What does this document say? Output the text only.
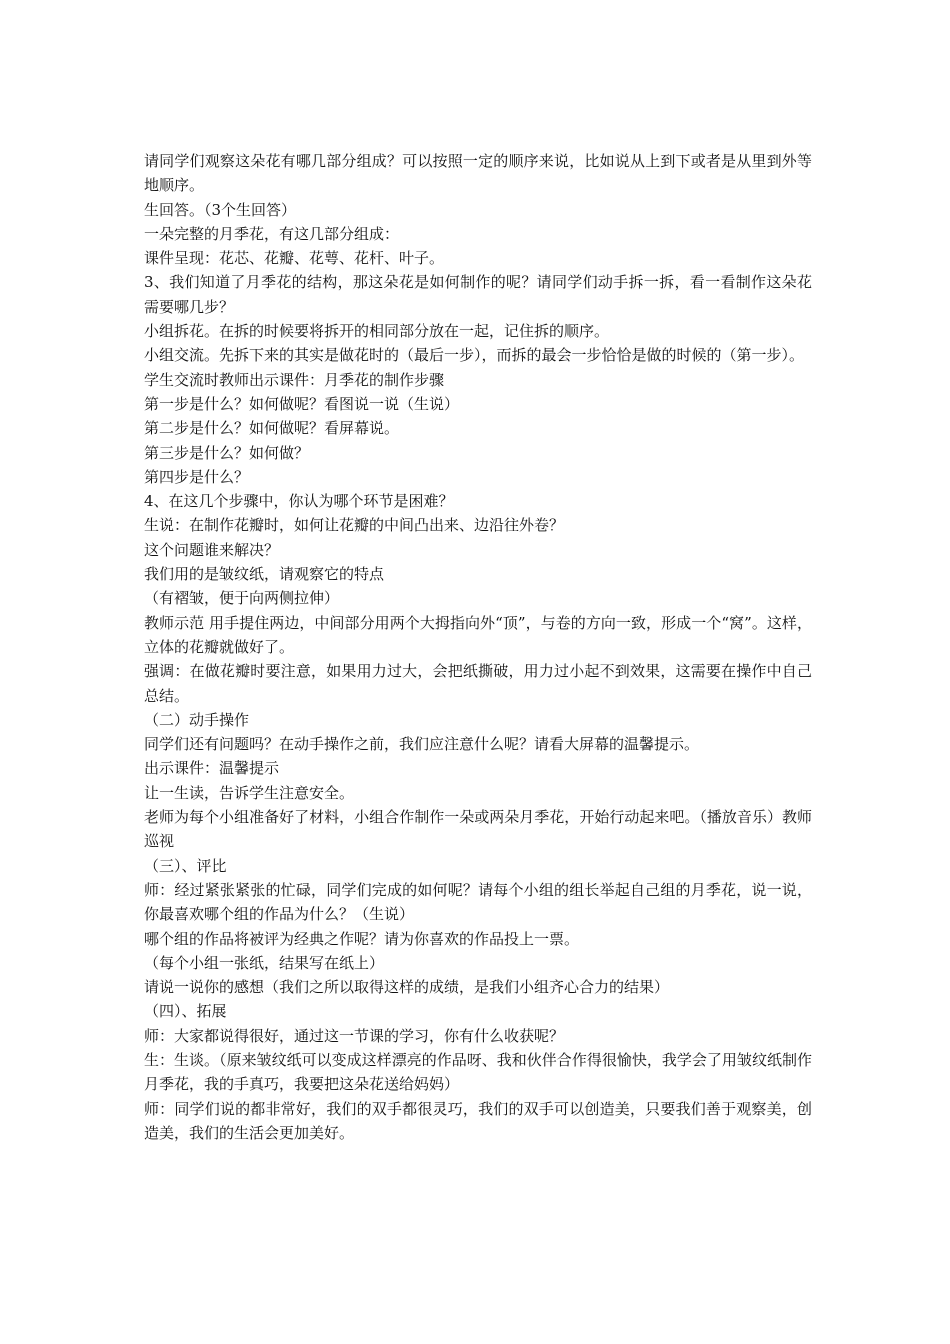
请同学们观察这朵花有哪几部分组成？可以按照一定的顺序来说，比如说从上到下或者是从里到外等地顺序。

生回答。（3个生回答）

一朵完整的月季花，有这几部分组成：

课件呈现：花芯、花瓣、花萼、花杆、叶子。

3、我们知道了月季花的结构，那这朵花是如何制作的呢？请同学们动手拆一拆，看一看制作这朵花需要哪几步？

小组拆花。在拆的时候要将拆开的相同部分放在一起，记住拆的顺序。

小组交流。先拆下来的其实是做花时的（最后一步），而拆的最会一步恰恰是做的时候的（第一步）。

学生交流时教师出示课件：月季花的制作步骤

第一步是什么？如何做呢？看图说一说（生说）

第二步是什么？如何做呢？看屏幕说。

第三步是什么？如何做？

第四步是什么？

4、在这几个步骤中，你认为哪个环节是困难？

生说：在制作花瓣时，如何让花瓣的中间凸出来、边沿往外卷？

这个问题谁来解决？

我们用的是皱纹纸，请观察它的特点

（有褶皱，便于向两侧拉伸）

教师示范 用手提住两边，中间部分用两个大拇指向外“顶”，与卷的方向一致，形成一个“窝”。这样，立体的花瓣就做好了。

强调：在做花瓣时要注意，如果用力过大，会把纸撕破，用力过小起不到效果，这需要在操作中自己总结。

（二）动手操作

同学们还有问题吗？在动手操作之前，我们应注意什么呢？请看大屏幕的温馨提示。

出示课件：温馨提示

让一生读，告诉学生注意安全。

老师为每个小组准备好了材料，小组合作制作一朵或两朵月季花，开始行动起来吧。（播放音乐）教师巡视

（三）、评比

师：经过紧张紧张的忙碌，同学们完成的如何呢？请每个小组的组长举起自己组的月季花，说一说，你最喜欢哪个组的作品为什么？（生说）

哪个组的作品将被评为经典之作呢？请为你喜欢的作品投上一票。

（每个小组一张纸，结果写在纸上）

请说一说你的感想（我们之所以取得这样的成绩，是我们小组齐心合力的结果）

（四）、拓展

师：大家都说得很好，通过这一节课的学习，你有什么收获呢？

生：生谈。（原来皱纹纸可以变成这样漂亮的作品呀、我和伙伴合作得很愉快，我学会了用皱纹纸制作月季花，我的手真巧，我要把这朵花送给妈妈）

师：同学们说的都非常好，我们的双手都很灵巧，我们的双手可以创造美，只要我们善于观察美，创造美，我们的生活会更加美好。
